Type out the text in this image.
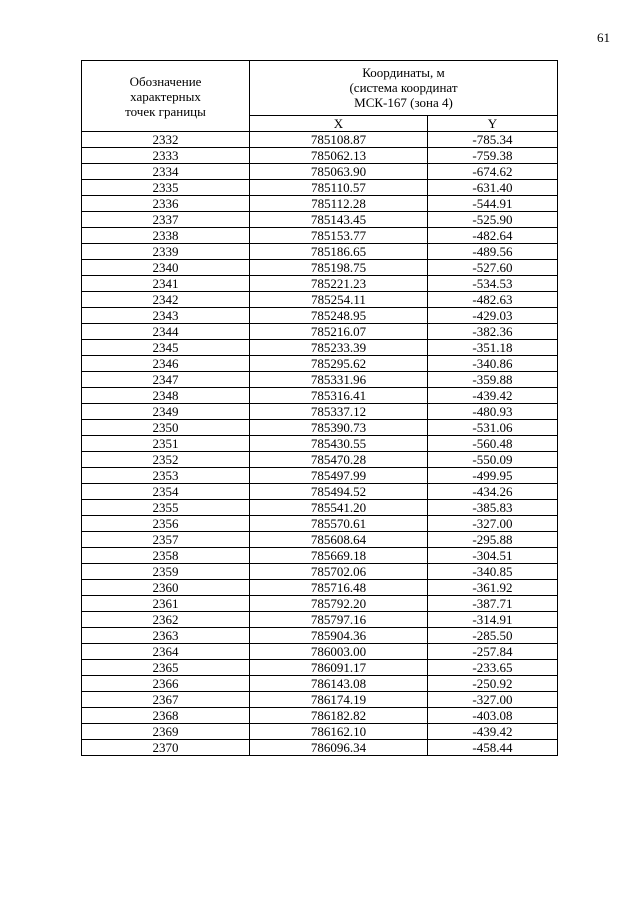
61
Обозначение
характерных
точек границы	Координаты, м
(система координат
МСК-167 (зона 4)	

	X	Y
2332	785108.87	-785.34
2333	785062.13	-759.38
2334	785063.90	-674.62
2335	785110.57	-631.40
2336	785112.28	-544.91
2337	785143.45	-525.90
2338	785153.77	-482.64
2339	785186.65	-489.56
2340	785198.75	-527.60
2341	785221.23	-534.53
2342	785254.11	-482.63
2343	785248.95	-429.03
2344	785216.07	-382.36
2345	785233.39	-351.18
2346	785295.62	-340.86
2347	785331.96	-359.88
2348	785316.41	-439.42
2349	785337.12	-480.93
2350	785390.73	-531.06
2351	785430.55	-560.48
2352	785470.28	-550.09
2353	785497.99	-499.95
2354	785494.52	-434.26
2355	785541.20	-385.83
2356	785570.61	-327.00
2357	785608.64	-295.88
2358	785669.18	-304.51
2359	785702.06	-340.85
2360	785716.48	-361.92
2361	785792.20	-387.71
2362	785797.16	-314.91
2363	785904.36	-285.50
2364	786003.00	-257.84
2365	786091.17	-233.65
2366	786143.08	-250.92
2367	786174.19	-327.00
2368	786182.82	-403.08
2369	786162.10	-439.42
2370	786096.34	-458.44
